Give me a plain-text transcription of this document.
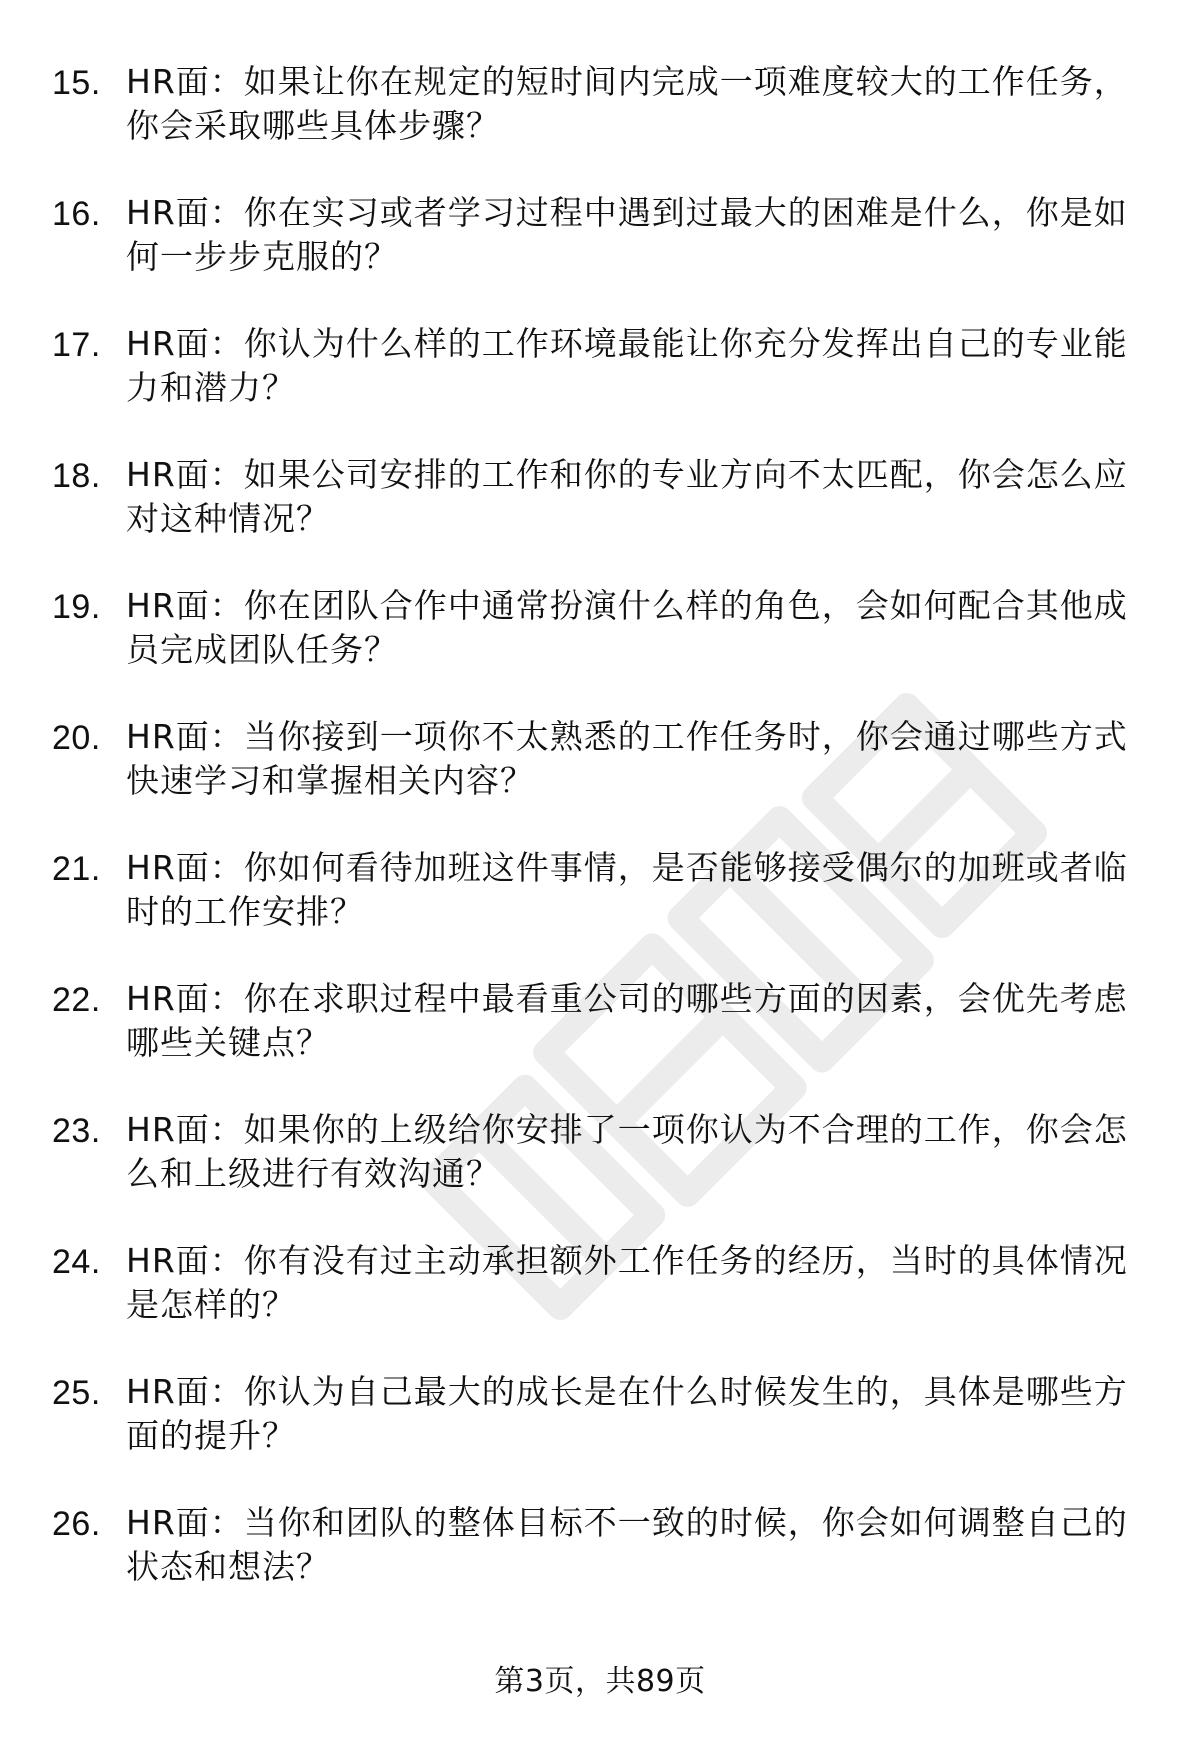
15. HR面：如果让你在规定的短时间内完成一项难度较大的工作任务，你会采取哪些具体步骤？
16. HR面：你在实习或者学习过程中遇到过最大的困难是什么，你是如何一步步克服的？
17. HR面：你认为什么样的工作环境最能让你充分发挥出自己的专业能力和潜力？
18. HR面：如果公司安排的工作和你的专业方向不太匹配，你会怎么应对这种情况？
19. HR面：你在团队合作中通常扮演什么样的角色，会如何配合其他成员完成团队任务？
20. HR面：当你接到一项你不太熟悉的工作任务时，你会通过哪些方式快速学习和掌握相关内容？
21. HR面：你如何看待加班这件事情，是否能够接受偶尔的加班或者临时的工作安排？
22. HR面：你在求职过程中最看重公司的哪些方面的因素，会优先考虑哪些关键点？
23. HR面：如果你的上级给你安排了一项你认为不合理的工作，你会怎么和上级进行有效沟通？
24. HR面：你有没有过主动承担额外工作任务的经历，当时的具体情况是怎样的？
25. HR面：你认为自己最大的成长是在什么时候发生的，具体是哪些方面的提升？
26. HR面：当你和团队的整体目标不一致的时候，你会如何调整自己的状态和想法？
第3页，共89页
